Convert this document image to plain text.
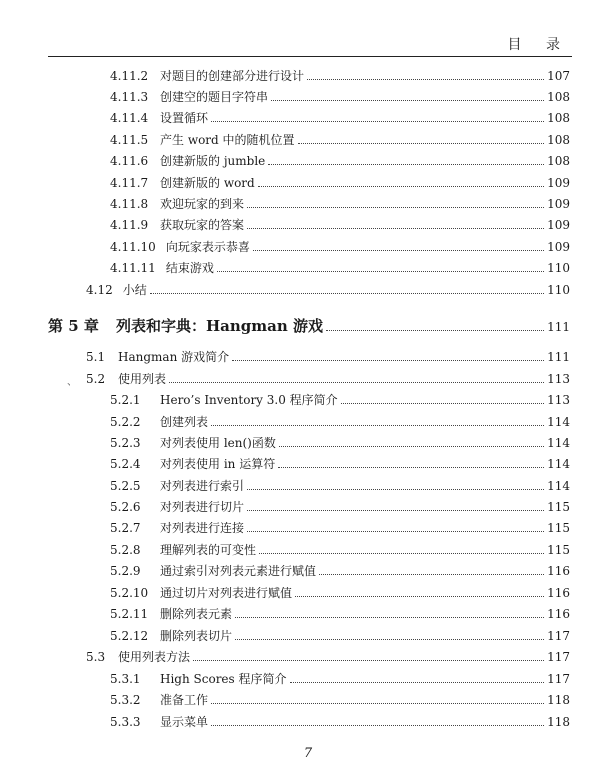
目 录
4.11.2 对题目的创建部分进行设计	107
4.11.3 创建空的题目字符串	108
4.11.4 设置循环	108
4.11.5 产生 word 中的随机位置	108
4.11.6 创建新版的 jumble	108
4.11.7 创建新版的 word	109
4.11.8 欢迎玩家的到来	109
4.11.9 获取玩家的答案	109
4.11.10 向玩家表示恭喜	109
4.11.11 结束游戏	110
4.12 小结	110
第 5 章 列表和字典：Hangman 游戏	111
5.1 Hangman 游戏简介	111
5.2 使用列表	113
5.2.1	Hero’s Inventory 3.0 程序简介	113
5.2.2	创建列表	114
5.2.3	对列表使用 len()函数	114
5.2.4	对列表使用 in 运算符	114
5.2.5	对列表进行索引	114
5.2.6	对列表进行切片	115
5.2.7	对列表进行连接	115
5.2.8	理解列表的可变性	115
5.2.9	通过索引对列表元素进行赋值	116
5.2.10 通过切片对列表进行赋值	116
5.2.11 删除列表元素	116
5.2.12 删除列表切片	117
5.3 使用列表方法	117
5.3.1	High Scores 程序简介	117
5.3.2	准备工作	118
5.3.3	显示菜单	118
、
7
